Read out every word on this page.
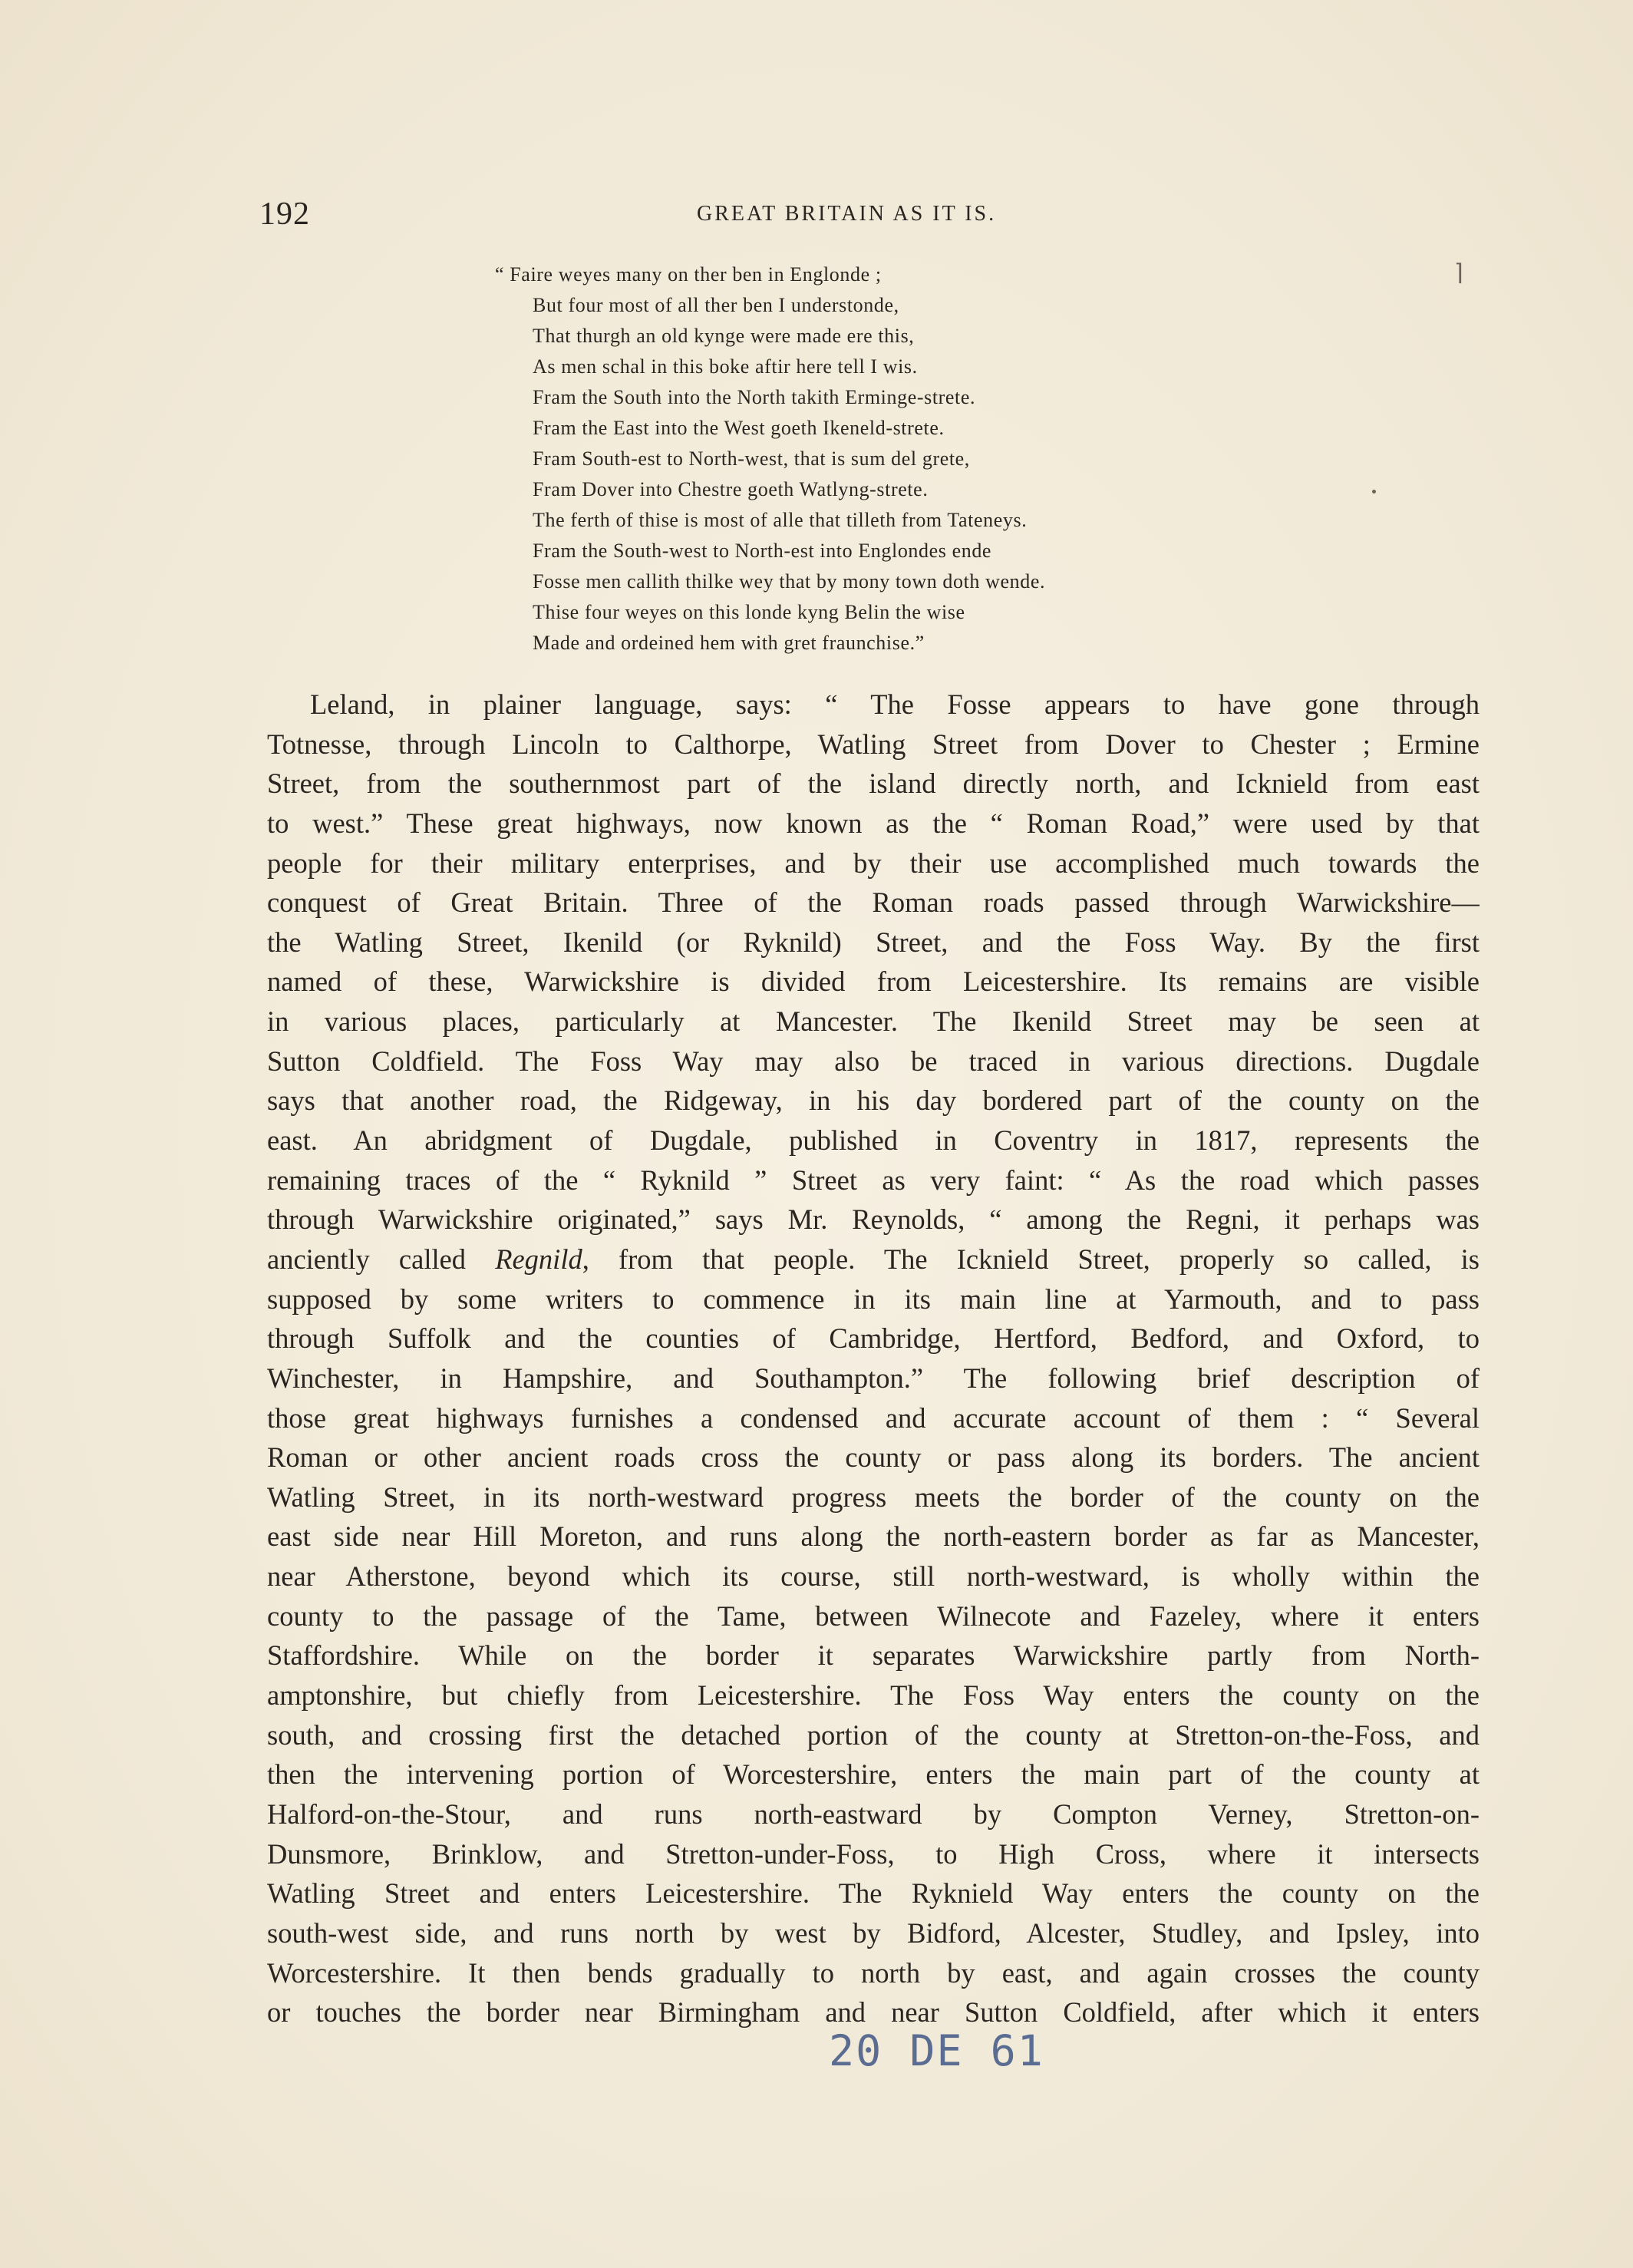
192	GREAT BRITAIN AS IT IS.
⌉
“ Faire weyes many on ther ben in Englonde ;
But four most of all ther ben I understonde,
That thurgh an old kynge were made ere this,
As men schal in this boke aftir here tell I wis.
Fram the South into the North takith Erminge-strete.
Fram the East into the West goeth Ikeneld-strete.
Fram South-est to North-west, that is sum del grete,
Fram Dover into Chestre goeth Watlyng-strete.
The ferth of thise is most of alle that tilleth from Tateneys.
Fram the South-west to North-est into Englondes ende
Fosse men callith thilke wey that by mony town doth wende.
Thise four weyes on this londe kyng Belin the wise
Made and ordeined hem with gret fraunchise.”
Leland, in plainer language, says: “ The Fosse appears to have gone through
Totnesse, through Lincoln to Calthorpe, Watling Street from Dover to Chester ; Ermine
Street, from the southernmost part of the island directly north, and Icknield from east
to west.” These great highways, now known as the “ Roman Road,” were used by that
people for their military enterprises, and by their use accomplished much towards the
conquest of Great Britain. Three of the Roman roads passed through Warwickshire—
the Watling Street, Ikenild (or Ryknild) Street, and the Foss Way. By the first
named of these, Warwickshire is divided from Leicestershire. Its remains are visible
in various places, particularly at Mancester. The Ikenild Street may be seen at
Sutton Coldfield. The Foss Way may also be traced in various directions. Dugdale
says that another road, the Ridgeway, in his day bordered part of the county on the
east. An abridgment of Dugdale, published in Coventry in 1817, represents the
remaining traces of the “ Ryknild ” Street as very faint: “ As the road which passes
through Warwickshire originated,” says Mr. Reynolds, “ among the Regni, it perhaps was
anciently called Regnild, from that people. The Icknield Street, properly so called, is
supposed by some writers to commence in its main line at Yarmouth, and to pass
through Suffolk and the counties of Cambridge, Hertford, Bedford, and Oxford, to
Winchester, in Hampshire, and Southampton.” The following brief description of
those great highways furnishes a condensed and accurate account of them : “ Several
Roman or other ancient roads cross the county or pass along its borders. The ancient
Watling Street, in its north-westward progress meets the border of the county on the
east side near Hill Moreton, and runs along the north-eastern border as far as Mancester,
near Atherstone, beyond which its course, still north-westward, is wholly within the
county to the passage of the Tame, between Wilnecote and Fazeley, where it enters
Staffordshire. While on the border it separates Warwickshire partly from North-
amptonshire, but chiefly from Leicestershire. The Foss Way enters the county on the
south, and crossing first the detached portion of the county at Stretton-on-the-Foss, and
then the intervening portion of Worcestershire, enters the main part of the county at
Halford-on-the-Stour, and runs north-eastward by Compton Verney, Stretton-on-
Dunsmore, Brinklow, and Stretton-under-Foss, to High Cross, where it intersects
Watling Street and enters Leicestershire. The Ryknield Way enters the county on the
south-west side, and runs north by west by Bidford, Alcester, Studley, and Ipsley, into
Worcestershire. It then bends gradually to north by east, and again crosses the county
or touches the border near Birmingham and near Sutton Coldfield, after which it enters
20 DE 61
